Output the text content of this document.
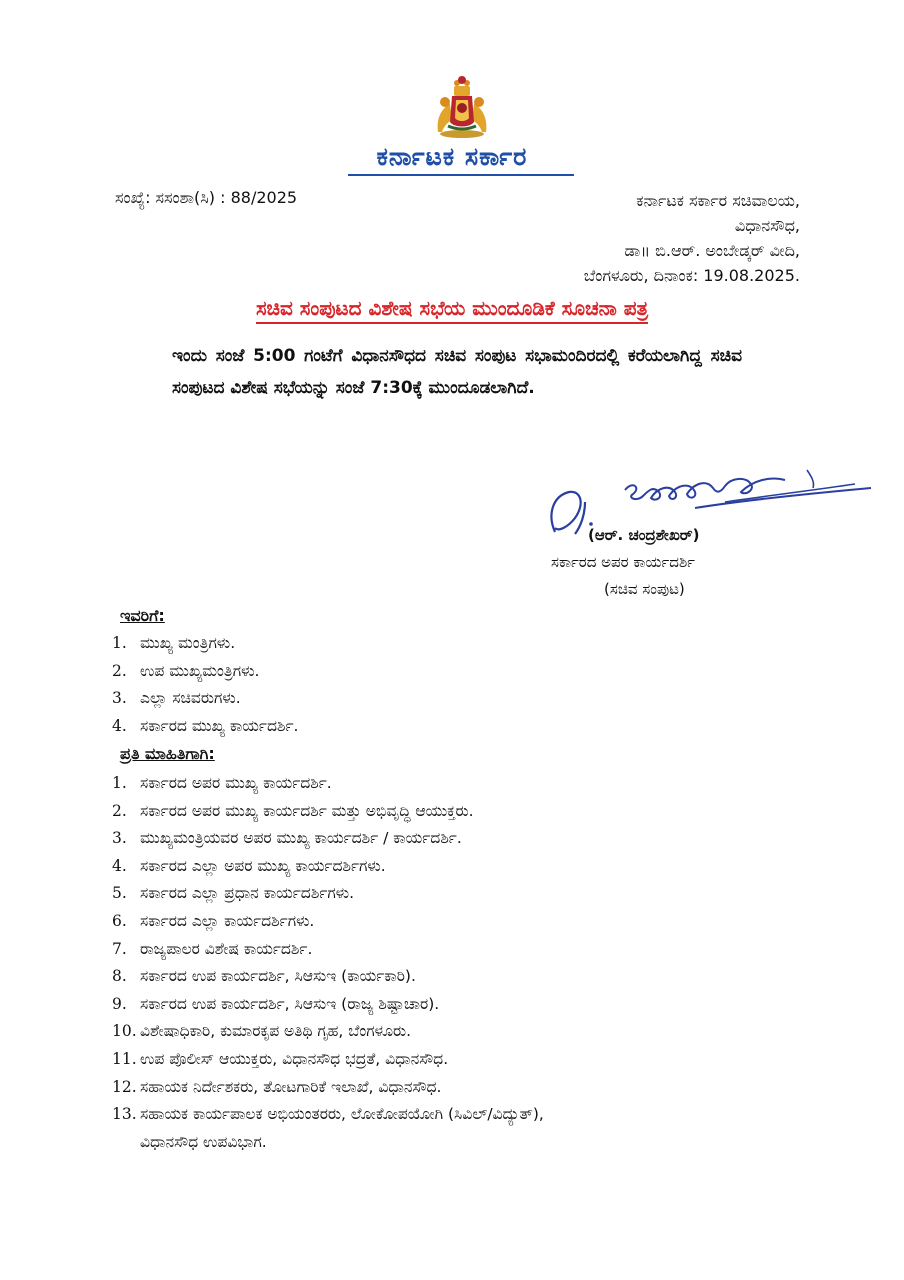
ಕರ್ನಾಟಕ ಸರ್ಕಾರ
ಸಂಖ್ಯೆ: ಸಸಂಶಾ(ಸಿ) : 88/2025	ಕರ್ನಾಟಕ ಸರ್ಕಾರ ಸಚಿವಾಲಯ,
ವಿಧಾನಸೌಧ,
ಡಾ॥ ಬಿ.ಆರ್. ಅಂಬೇಡ್ಕರ್ ವೀದಿ,
ಬೆಂಗಳೂರು, ದಿನಾಂಕ: 19.08.2025.
ಸಚಿವ ಸಂಪುಟದ ವಿಶೇಷ ಸಭೆಯ ಮುಂದೂಡಿಕೆ ಸೂಚನಾ ಪತ್ರ
ಇಂದು ಸಂಜೆ 5:00 ಗಂಟೆಗೆ ವಿಧಾನಸೌಧದ ಸಚಿವ ಸಂಪುಟ ಸಭಾಮಂದಿರದಲ್ಲಿ ಕರೆಯಲಾಗಿದ್ದ ಸಚಿವ ಸಂಪುಟದ ವಿಶೇಷ ಸಭೆಯನ್ನು ಸಂಜೆ 7:30ಕ್ಕೆ ಮುಂದೂಡಲಾಗಿದೆ.
(ಆರ್. ಚಂದ್ರಶೇಖರ್)
ಸರ್ಕಾರದ ಅಪರ ಕಾರ್ಯದರ್ಶಿ
(ಸಚಿವ ಸಂಪುಟ)
ಇವರಿಗೆ:
1. ಮುಖ್ಯ ಮಂತ್ರಿಗಳು.
2. ಉಪ ಮುಖ್ಯಮಂತ್ರಿಗಳು.
3. ಎಲ್ಲಾ ಸಚಿವರುಗಳು.
4. ಸರ್ಕಾರದ ಮುಖ್ಯ ಕಾರ್ಯದರ್ಶಿ.
ಪ್ರತಿ ಮಾಹಿತಿಗಾಗಿ:
1. ಸರ್ಕಾರದ ಅಪರ ಮುಖ್ಯ ಕಾರ್ಯದರ್ಶಿ.
2. ಸರ್ಕಾರದ ಅಪರ ಮುಖ್ಯ ಕಾರ್ಯದರ್ಶಿ ಮತ್ತು ಅಭಿವೃದ್ಧಿ ಆಯುಕ್ತರು.
3. ಮುಖ್ಯಮಂತ್ರಿಯವರ ಅಪರ ಮುಖ್ಯ ಕಾರ್ಯದರ್ಶಿ / ಕಾರ್ಯದರ್ಶಿ.
4. ಸರ್ಕಾರದ ಎಲ್ಲಾ ಅಪರ ಮುಖ್ಯ ಕಾರ್ಯದರ್ಶಿಗಳು.
5. ಸರ್ಕಾರದ ಎಲ್ಲಾ ಪ್ರಧಾನ ಕಾರ್ಯದರ್ಶಿಗಳು.
6. ಸರ್ಕಾರದ ಎಲ್ಲಾ ಕಾರ್ಯದರ್ಶಿಗಳು.
7. ರಾಜ್ಯಪಾಲರ ವಿಶೇಷ ಕಾರ್ಯದರ್ಶಿ.
8. ಸರ್ಕಾರದ ಉಪ ಕಾರ್ಯದರ್ಶಿ, ಸಿಆಸುಇ (ಕಾರ್ಯಕಾರಿ).
9. ಸರ್ಕಾರದ ಉಪ ಕಾರ್ಯದರ್ಶಿ, ಸಿಆಸುಇ (ರಾಜ್ಯ ಶಿಷ್ಟಾಚಾರ).
10. ವಿಶೇಷಾಧಿಕಾರಿ, ಕುಮಾರಕೃಪ ಅತಿಥಿ ಗೃಹ, ಬೆಂಗಳೂರು.
11. ಉಪ ಪೊಲೀಸ್ ಆಯುಕ್ತರು, ವಿಧಾನಸೌಧ ಭದ್ರತೆ, ವಿಧಾನಸೌಧ.
12. ಸಹಾಯಕ ನಿರ್ದೇಶಕರು, ತೋಟಗಾರಿಕೆ ಇಲಾಖೆ, ವಿಧಾನಸೌಧ.
13. ಸಹಾಯಕ ಕಾರ್ಯಪಾಲಕ ಅಭಿಯಂತರರು, ಲೋಕೋಪಯೋಗಿ (ಸಿವಿಲ್/ವಿದ್ಯುತ್),
ವಿಧಾನಸೌಧ ಉಪವಿಭಾಗ.
